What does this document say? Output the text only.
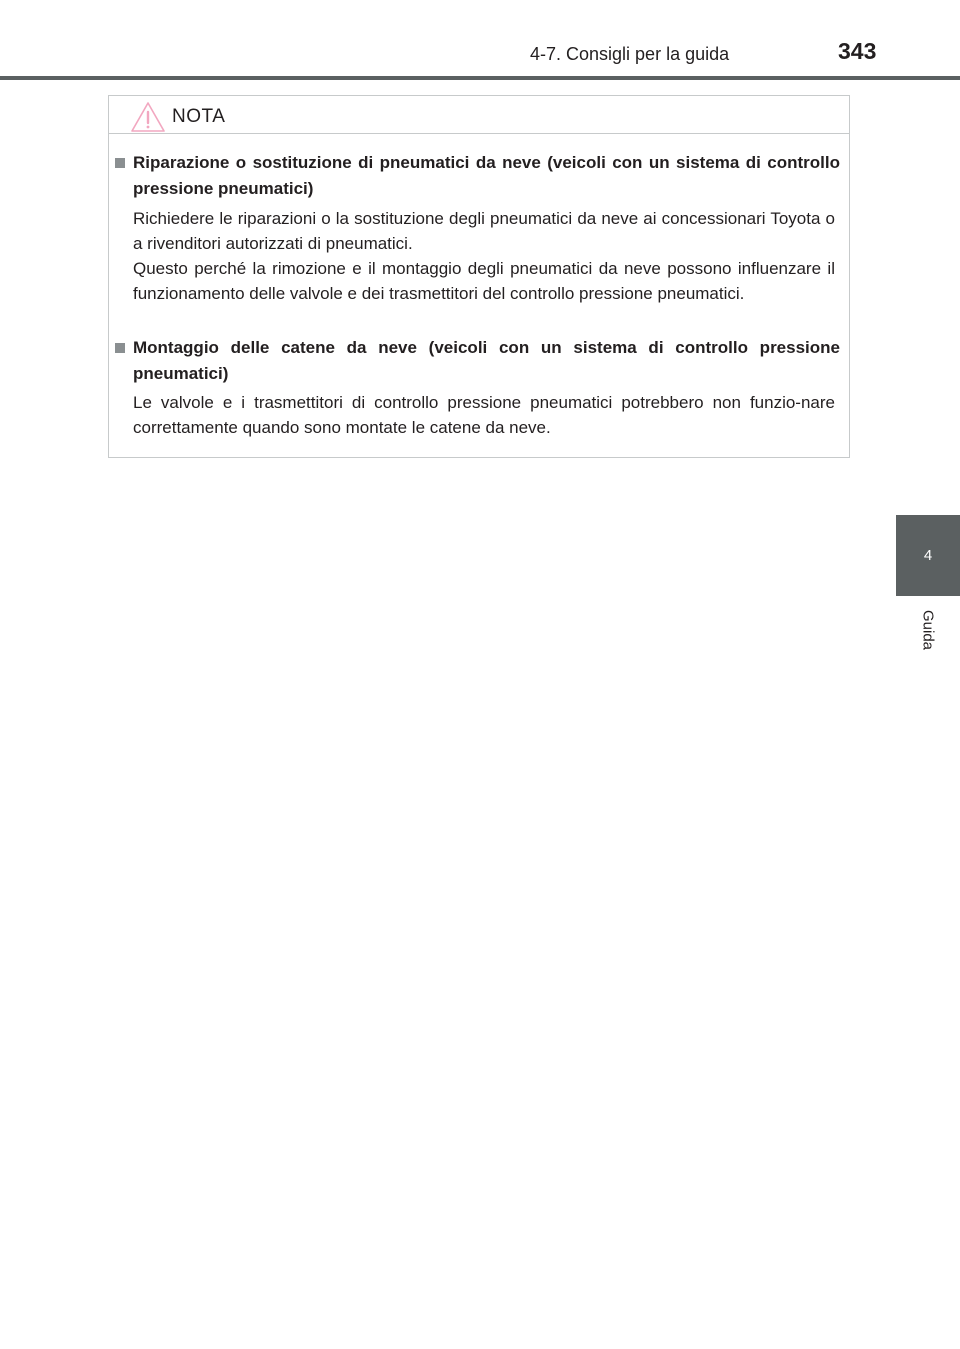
4-7. Consigli per la guida	343
4
Guida
NOTA
Riparazione o sostituzione di pneumatici da neve (veicoli con un sistema di controllo pressione pneumatici)
Richiedere le riparazioni o la sostituzione degli pneumatici da neve ai concessionari Toyota o a rivenditori autorizzati di pneumatici.
Questo perché la rimozione e il montaggio degli pneumatici da neve possono influenzare il funzionamento delle valvole e dei trasmettitori del controllo pressione pneumatici.
Montaggio delle catene da neve (veicoli con un sistema di controllo pressione pneumatici)
Le valvole e i trasmettitori di controllo pressione pneumatici potrebbero non funzio-nare correttamente quando sono montate le catene da neve.
